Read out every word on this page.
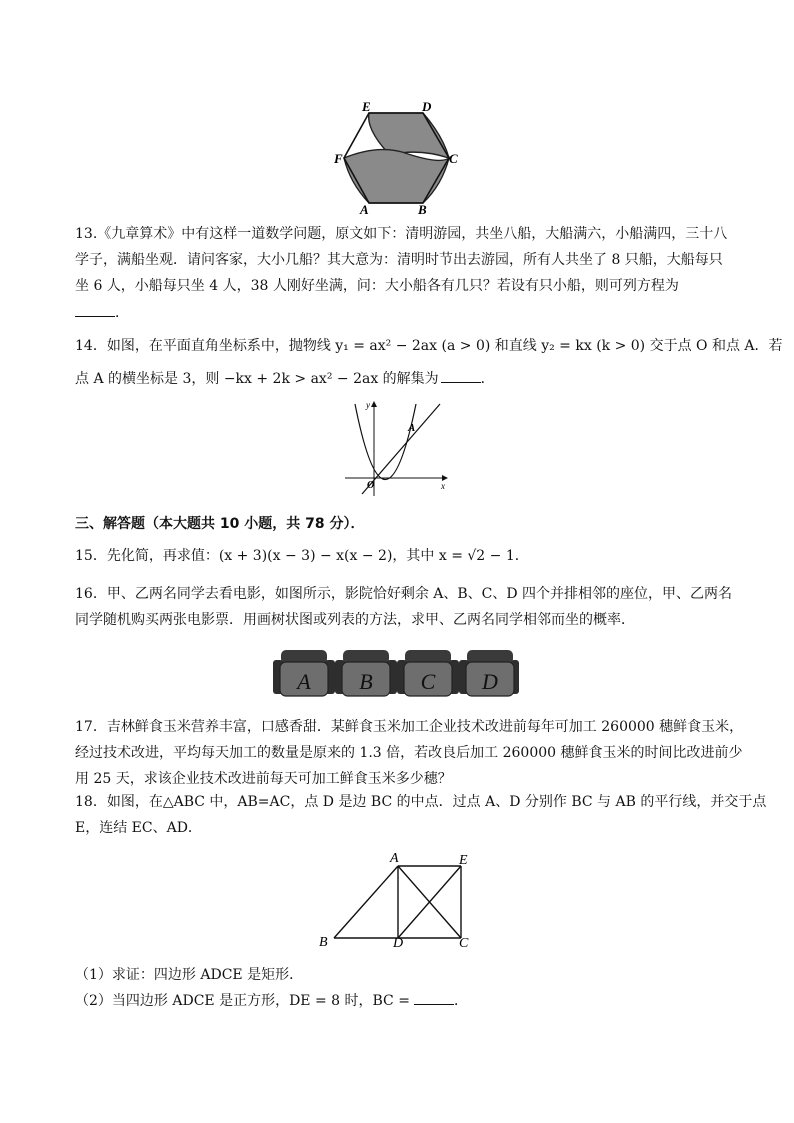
E	D
F	C
A	B
13.《九章算术》中有这样一道数学问题，原文如下：清明游园，共坐八船，大船满六，小船满四，三十八
学子，满船坐观．请问客家，大小几船？其大意为：清明时节出去游园，所有人共坐了 8 只船，大船每只
坐 6 人，小船每只坐 4 人，38 人刚好坐满，问：大小船各有几只？若设有只小船，则可列方程为
．
14．如图，在平面直角坐标系中，抛物线 y₁ = ax² − 2ax (a > 0) 和直线 y₂ = kx (k > 0) 交于点 O 和点 A．若
点 A 的横坐标是 3，则 −kx + 2k > ax² − 2ax 的解集为	．
y
x
O
A
三、解答题（本大题共 10 小题，共 78 分）．
15．先化简，再求值：(x + 3)(x − 3) − x(x − 2)，其中 x = √2 − 1．
16．甲、乙两名同学去看电影，如图所示，影院恰好剩余 A、B、C、D 四个并排相邻的座位，甲、乙两名
同学随机购买两张电影票．用画树状图或列表的方法，求甲、乙两名同学相邻而坐的概率．
A B C D
17．吉林鲜食玉米营养丰富，口感香甜．某鲜食玉米加工企业技术改进前每年可加工 260000 穗鲜食玉米，
经过技术改进，平均每天加工的数量是原来的 1.3 倍，若改良后加工 260000 穗鲜食玉米的时间比改进前少
用 25 天，求该企业技术改进前每天可加工鲜食玉米多少穗？
18．如图，在△ABC 中，AB=AC，点 D 是边 BC 的中点．过点 A、D 分别作 BC 与 AB 的平行线，并交于点
E，连结 EC、AD．
A	E
B	D	C
（1）求证：四边形 ADCE 是矩形．
（2）当四边形 ADCE 是正方形，DE = 8 时，BC =	．
